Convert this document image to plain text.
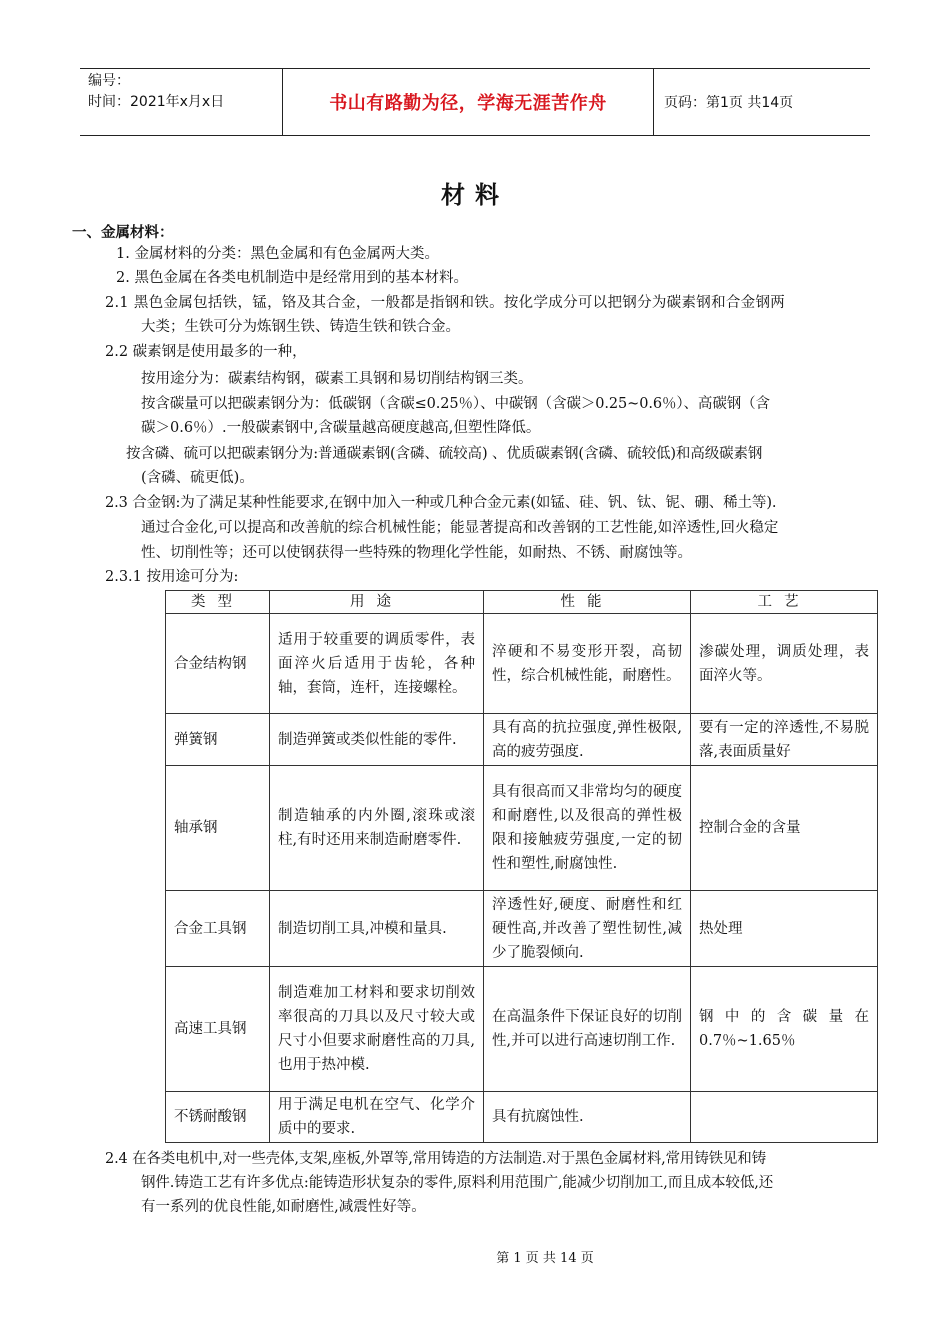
编号：
时间：2021年x月x日	书山有路勤为径，学海无涯苦作舟	页码：第1页 共14页
材料
一、金属材料：
1. 金属材料的分类：黑色金属和有色金属两大类。
2. 黑色金属在各类电机制造中是经常用到的基本材料。
2.1 黑色金属包括铁，锰，铬及其合金，一般都是指钢和铁。按化学成分可以把钢分为碳素钢和合金钢两
大类；生铁可分为炼钢生铁、铸造生铁和铁合金。
2.2 碳素钢是使用最多的一种，
按用途分为：碳素结构钢，碳素工具钢和易切削结构钢三类。
按含碳量可以把碳素钢分为：低碳钢（含碳≤0.25％）、中碳钢（含碳＞0.25~0.6％）、高碳钢（含
碳＞0.6％）.一般碳素钢中,含碳量越高硬度越高,但塑性降低。
按含磷、硫可以把碳素钢分为:普通碳素钢(含磷、硫较高) 、优质碳素钢(含磷、硫较低)和高级碳素钢
(含磷、硫更低)。
2.3 合金钢:为了满足某种性能要求,在钢中加入一种或几种合金元素(如锰、硅、钒、钛、铌、硼、稀土等).
通过合金化,可以提高和改善航的综合机械性能；能显著提高和改善钢的工艺性能,如淬透性,回火稳定
性、切削性等；还可以使钢获得一些特殊的物理化学性能，如耐热、不锈、耐腐蚀等。
2.3.1 按用途可分为:
类型	用途	性能	工艺
合金结构钢	适用于较重要的调质零件，表面淬火后适用于齿轮，各种轴，套筒，连杆，连接螺栓。	淬硬和不易变形开裂，高韧性，综合机械性能，耐磨性。	渗碳处理，调质处理，表面淬火等。
弹簧钢	制造弹簧或类似性能的零件.	具有高的抗拉强度,弹性极限,高的疲劳强度.	要有一定的淬透性,不易脱落,表面质量好
轴承钢	制造轴承的内外圈,滚珠或滚柱,有时还用来制造耐磨零件.	具有很高而又非常均匀的硬度和耐磨性,以及很高的弹性极限和接触疲劳强度,一定的韧性和塑性,耐腐蚀性.	控制合金的含量
合金工具钢	制造切削工具,冲模和量具.	淬透性好,硬度、耐磨性和红硬性高,并改善了塑性韧性,减少了脆裂倾向.	热处理
高速工具钢	制造难加工材料和要求切削效率很高的刀具以及尺寸较大或尺寸小但要求耐磨性高的刀具,也用于热冲模.	在高温条件下保证良好的切削性,并可以进行高速切削工作.	钢中的含碳量在0.7％~1.65％
不锈耐酸钢	用于满足电机在空气、化学介质中的要求.	具有抗腐蚀性.	
2.4 在各类电机中,对一些壳体,支架,座板,外罩等,常用铸造的方法制造.对于黑色金属材料,常用铸铁见和铸
钢件.铸造工艺有许多优点:能铸造形状复杂的零件,原料利用范围广,能减少切削加工,而且成本较低,还
有一系列的优良性能,如耐磨性,减震性好等。
第 1 页 共 14 页
